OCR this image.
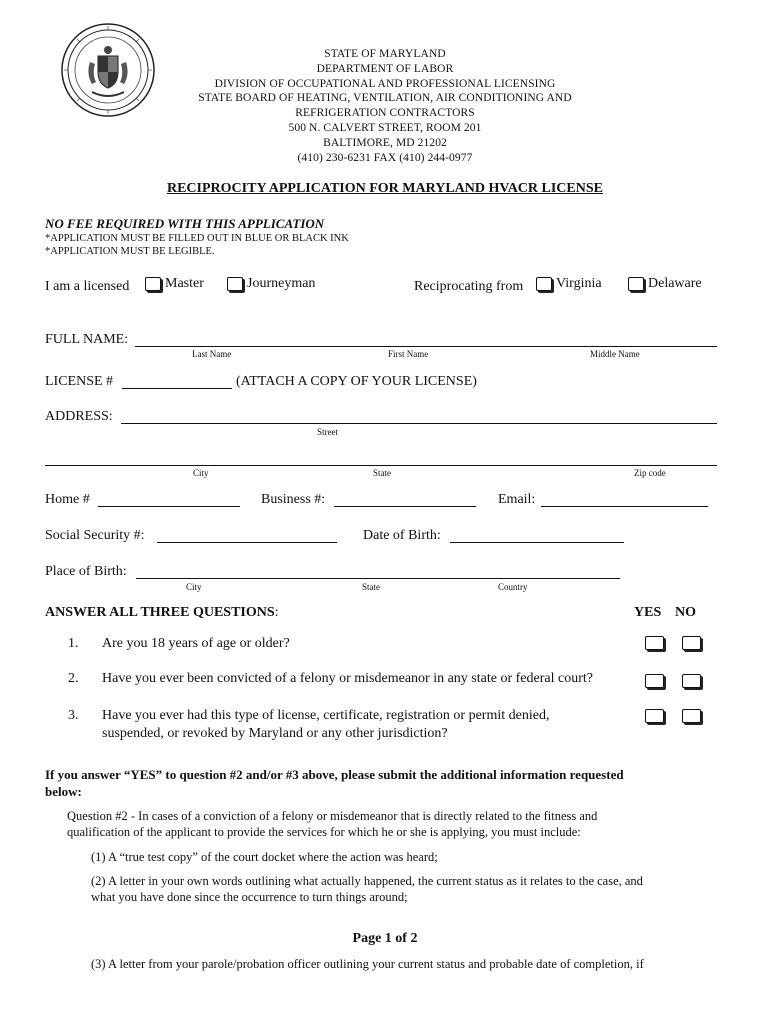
STATE OF MARYLAND
DEPARTMENT OF LABOR
DIVISION OF OCCUPATIONAL AND PROFESSIONAL LICENSING
STATE BOARD OF HEATING, VENTILATION, AIR CONDITIONING AND
REFRIGERATION CONTRACTORS
500 N. CALVERT STREET, ROOM 201
BALTIMORE, MD 21202
(410) 230-6231 FAX (410) 244-0977
RECIPROCITY APPLICATION FOR MARYLAND HVACR LICENSE
NO FEE REQUIRED WITH THIS APPLICATION
*APPLICATION MUST BE FILLED OUT IN BLUE OR BLACK INK
*APPLICATION MUST BE LEGIBLE.
I am a licensed	Master	Journeyman	Reciprocating from	Virginia	Delaware
FULL NAME:
Last Name	First Name	Middle Name
LICENSE #	(ATTACH A COPY OF YOUR LICENSE)
ADDRESS:
Street
City	State	Zip code
Home #	Business #:	Email:
Social Security #:	Date of Birth:
Place of Birth:
City	State	Country
ANSWER ALL THREE QUESTIONS:	YES NO
1. Are you 18 years of age or older?
2. Have you ever been convicted of a felony or misdemeanor in any state or federal court?
3. Have you ever had this type of license, certificate, registration or permit denied,
suspended, or revoked by Maryland or any other jurisdiction?
If you answer “YES” to question #2 and/or #3 above, please submit the additional information requested
below:
Question #2 - In cases of a conviction of a felony or misdemeanor that is directly related to the fitness and
qualification of the applicant to provide the services for which he or she is applying, you must include:
(1) A “true test copy” of the court docket where the action was heard;
(2) A letter in your own words outlining what actually happened, the current status as it relates to the case, and
what you have done since the occurrence to turn things around;
Page 1 of 2
(3) A letter from your parole/probation officer outlining your current status and probable date of completion, if
